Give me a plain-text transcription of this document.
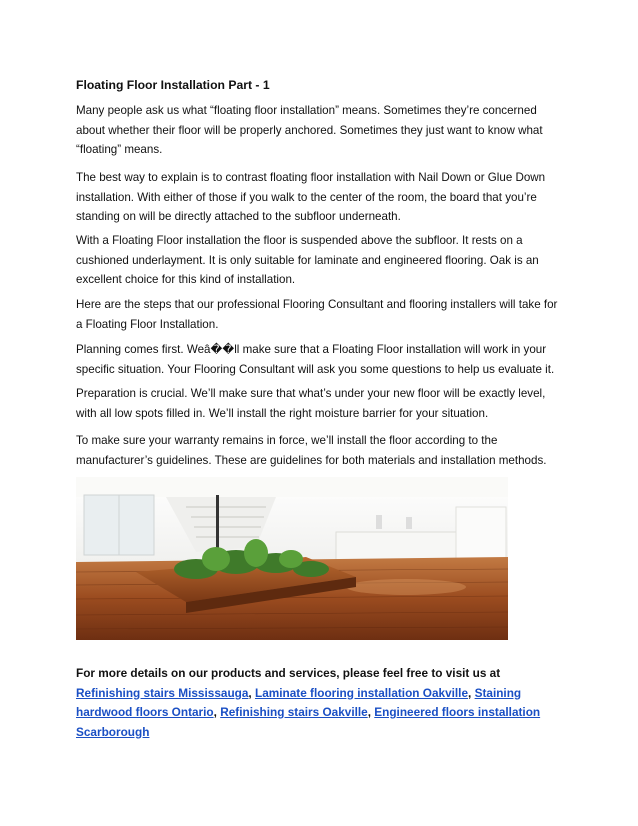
Floating Floor Installation Part - 1

Many people ask us what “floating floor installation” means. Sometimes they’re concerned about whether their floor will be properly anchored. Sometimes they just want to know what “floating” means.

The best way to explain is to contrast floating floor installation with Nail Down or Glue Down installation. With either of those if you walk to the center of the room, the board that you’re standing on will be directly attached to the subfloor underneath.

With a Floating Floor installation the floor is suspended above the subfloor. It rests on a cushioned underlayment. It is only suitable for laminate and engineered flooring. Oak is an excellent choice for this kind of installation.

Here are the steps that our professional Flooring Consultant and flooring installers will take for a Floating Floor Installation.

Planning comes first. Weâ��ll make sure that a Floating Floor installation will work in your specific situation. Your Flooring Consultant will ask you some questions to help us evaluate it.

Preparation is crucial. We’ll make sure that what’s under your new floor will be exactly level, with all low spots filled in. We’ll install the right moisture barrier for your situation.

To make sure your warranty remains in force, we’ll install the floor according to the manufacturer’s guidelines. These are guidelines for both materials and installation methods.

For more details on our products and services, please feel free to visit us at Refinishing stairs Mississauga, Laminate flooring installation Oakville, Staining hardwood floors Ontario, Refinishing stairs Oakville, Engineered floors installation Scarborough
